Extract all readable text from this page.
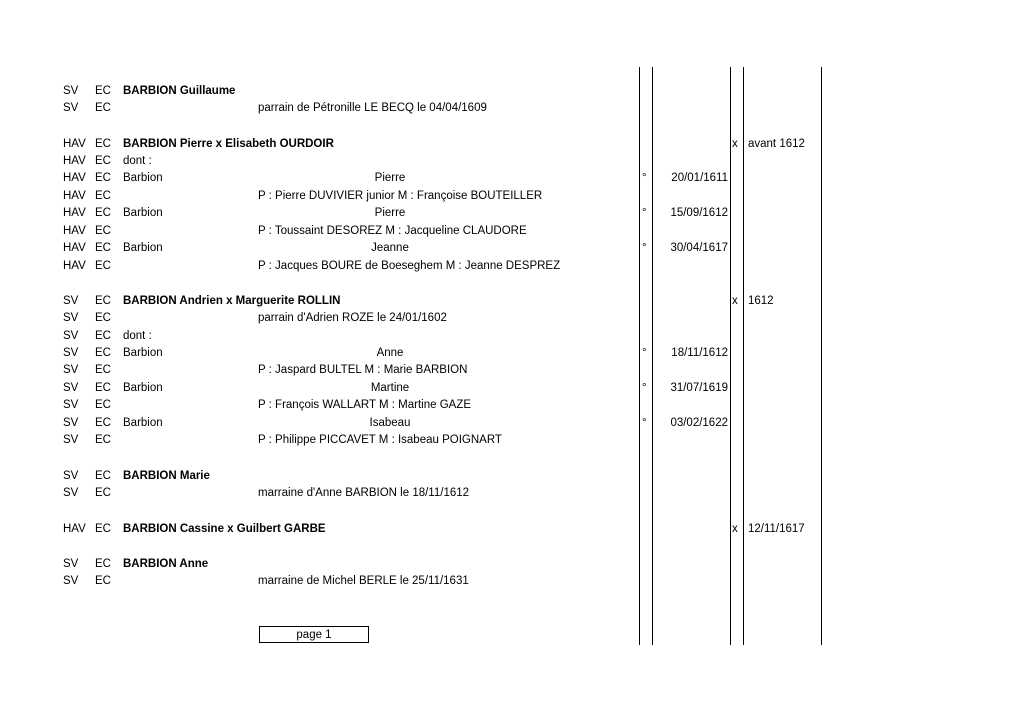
SV EC BARBION Guillaume
SV EC	parrain de Pétronille LE BECQ le 04/04/1609
HAV EC BARBION Pierre x Elisabeth OURDOIR	x avant 1612
HAV EC dont :
HAV EC Barbion	Pierre	°	20/01/1611
HAV EC	P : Pierre DUVIVIER junior M : Françoise BOUTEILLER
HAV EC Barbion	Pierre	°	15/09/1612
HAV EC	P : Toussaint DESOREZ M : Jacqueline CLAUDORE
HAV EC Barbion	Jeanne	°	30/04/1617
HAV EC	P : Jacques BOURE de Boeseghem M : Jeanne DESPREZ
SV EC BARBION Andrien x Marguerite ROLLIN	x 1612
SV EC	parrain d'Adrien ROZE le 24/01/1602
SV EC dont :
SV EC Barbion	Anne	°	18/11/1612
SV EC	P : Jaspard BULTEL M : Marie BARBION
SV EC Barbion	Martine	°	31/07/1619
SV EC	P : François WALLART M : Martine GAZE
SV EC Barbion	Isabeau	°	03/02/1622
SV EC	P : Philippe PICCAVET M : Isabeau POIGNART
SV EC BARBION Marie
SV EC	marraine d'Anne BARBION le 18/11/1612
HAV EC BARBION Cassine x Guilbert GARBE	x 12/11/1617
SV EC BARBION Anne
SV EC	marraine de Michel BERLE le 25/11/1631
page 1
